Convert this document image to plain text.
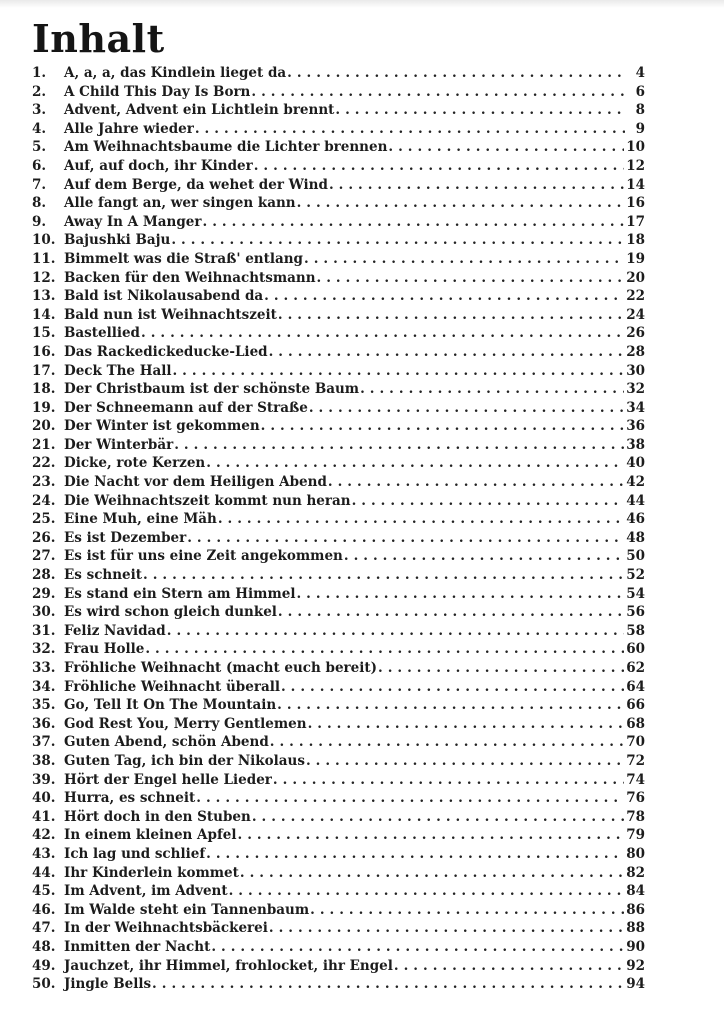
Inhalt
1.	A, a, a, das Kindlein lieget da .....	4
2.	A Child This Day Is Born .....	6
3.	Advent, Advent ein Lichtlein brennt .....	8
4.	Alle Jahre wieder .....	9
5.	Am Weihnachtsbaume die Lichter brennen .....	10
6.	Auf, auf doch, ihr Kinder .....	12
7.	Auf dem Berge, da wehet der Wind .....	14
8.	Alle fangt an, wer singen kann .....	16
9.	Away In A Manger .....	17
10. Bajushki Baju .....	18
11. Bimmelt was die Straß' entlang .....	19
12. Backen für den Weihnachtsmann .....	20
13. Bald ist Nikolausabend da .....	22
14. Bald nun ist Weihnachtszeit .....	24
15. Bastellied .....	26
16. Das Rackedickeducke-Lied .....	28
17. Deck The Hall .....	30
18. Der Christbaum ist der schönste Baum .....	32
19. Der Schneemann auf der Straße .....	34
20. Der Winter ist gekommen .....	36
21. Der Winterbär .....	38
22. Dicke, rote Kerzen .....	40
23. Die Nacht vor dem Heiligen Abend .....	42
24. Die Weihnachtszeit kommt nun heran .....	44
25. Eine Muh, eine Mäh .....	46
26. Es ist Dezember .....	48
27. Es ist für uns eine Zeit angekommen .....	50
28. Es schneit .....	52
29. Es stand ein Stern am Himmel .....	54
30. Es wird schon gleich dunkel .....	56
31. Feliz Navidad .....	58
32. Frau Holle .....	60
33. Fröhliche Weihnacht (macht euch bereit) .....	62
34. Fröhliche Weihnacht überall .....	64
35. Go, Tell It On The Mountain .....	66
36. God Rest You, Merry Gentlemen .....	68
37. Guten Abend, schön Abend .....	70
38. Guten Tag, ich bin der Nikolaus .....	72
39. Hört der Engel helle Lieder .....	74
40. Hurra, es schneit .....	76
41. Hört doch in den Stuben .....	78
42. In einem kleinen Apfel .....	79
43. Ich lag und schlief .....	80
44. Ihr Kinderlein kommet .....	82
45. Im Advent, im Advent .....	84
46. Im Walde steht ein Tannenbaum .....	86
47. In der Weihnachtsbäckerei .....	88
48. Inmitten der Nacht .....	90
49. Jauchzet, ihr Himmel, frohlocket, ihr Engel .....	92
50. Jingle Bells .....	94
